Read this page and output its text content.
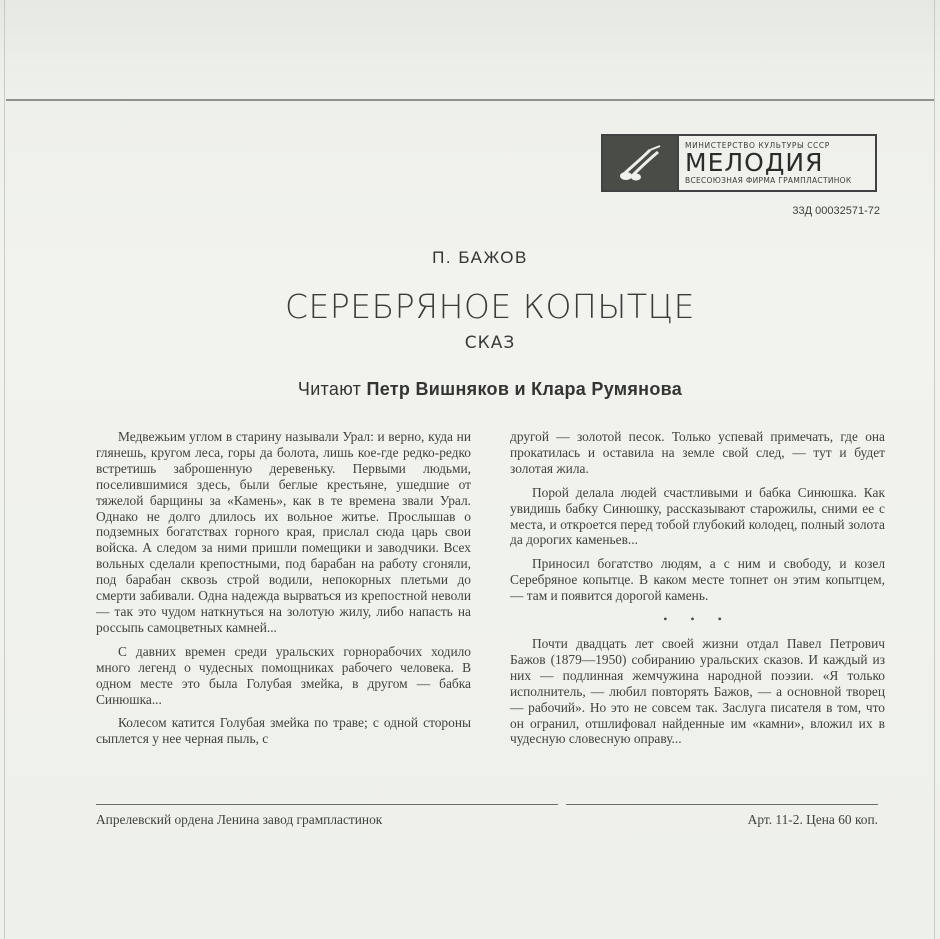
МИНИСТЕРСТВО КУЛЬТУРЫ СССР
МЕЛОДИЯ
ВСЕСОЮЗНАЯ ФИРМА ГРАМПЛАСТИНОК
33Д 00032571-72
П. БАЖОВ
СЕРЕБРЯНОЕ КОПЫТЦЕ
СКАЗ
Читают Петр Вишняков и Клара Румянова

Медвежьим углом в старину называли Урал: и верно, куда ни глянешь, кругом леса, горы да болота, лишь кое-где редко-редко встретишь заброшенную деревеньку. Первыми людьми, поселившимися здесь, были беглые крестьяне, ушедшие от тяжелой барщины за «Камень», как в те времена звали Урал. Однако не долго длилось их вольное житье. Прослышав о подземных богатствах горного края, прислал сюда царь свои войска. А следом за ними пришли помещики и заводчики. Всех вольных сделали крепостными, под барабан на работу сгоняли, под барабан сквозь строй водили, непокорных плетьми до смерти забивали. Одна надежда вырваться из крепостной неволи — так это чудом наткнуться на золотую жилу, либо напасть на россыпь самоцветных камней...

С давних времен среди уральских горнорабочих ходило много легенд о чудесных помощниках рабочего человека. В одном месте это была Голубая змейка, в другом — бабка Синюшка...

Колесом катится Голубая змейка по траве; с одной стороны сыплется у нее черная пыль, с

другой — золотой песок. Только успевай примечать, где она прокатилась и оставила на земле свой след, — тут и будет золотая жила.

Порой делала людей счастливыми и бабка Синюшка. Как увидишь бабку Синюшку, рассказывают старожилы, сними ее с места, и откроется перед тобой глубокий колодец, полный золота да дорогих каменьев...

Приносил богатство людям, а с ним и свободу, и козел Серебряное копытце. В каком месте топнет он этим копытцем, — там и появится дорогой камень.

• • •

Почти двадцать лет своей жизни отдал Павел Петрович Бажов (1879—1950) собиранию уральских сказов. И каждый из них — подлинная жемчужина народной поэзии. «Я только исполнитель, — любил повторять Бажов, — а основной творец — рабочий». Но это не совсем так. Заслуга писателя в том, что он огранил, отшлифовал найденные им «камни», вложил их в чудесную словесную оправу...

Апрелевский ордена Ленина завод грампластинок	Арт. 11-2. Цена 60 коп.
